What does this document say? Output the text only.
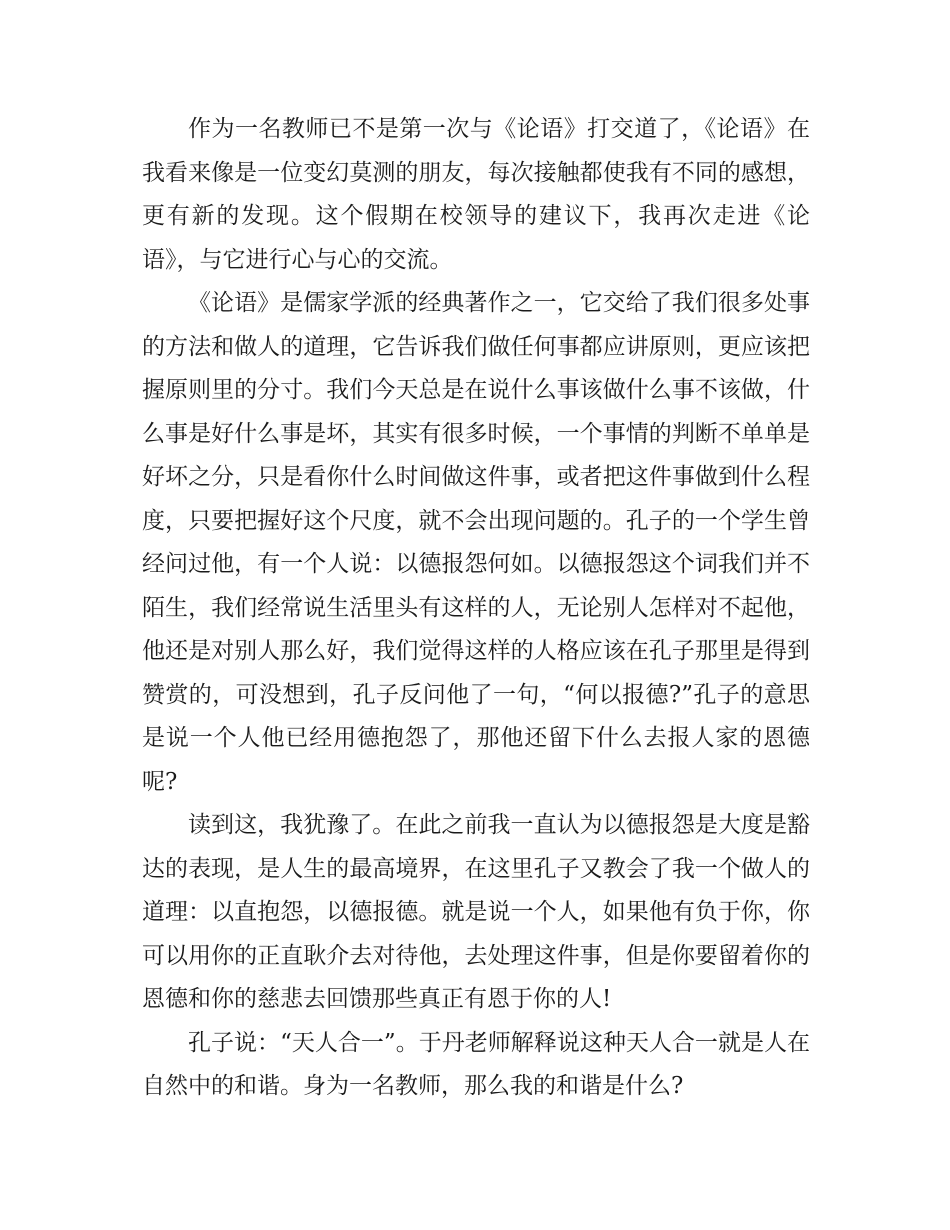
作为一名教师已不是第一次与《论语》打交道了，《论语》在我看来像是一位变幻莫测的朋友，每次接触都使我有不同的感想，更有新的发现。这个假期在校领导的建议下，我再次走进《论语》，与它进行心与心的交流。

《论语》是儒家学派的经典著作之一，它交给了我们很多处事的方法和做人的道理，它告诉我们做任何事都应讲原则，更应该把握原则里的分寸。我们今天总是在说什么事该做什么事不该做，什么事是好什么事是坏，其实有很多时候，一个事情的判断不单单是好坏之分，只是看你什么时间做这件事，或者把这件事做到什么程度，只要把握好这个尺度，就不会出现问题的。孔子的一个学生曾经问过他，有一个人说：以德报怨何如。以德报怨这个词我们并不陌生，我们经常说生活里头有这样的人，无论别人怎样对不起他，他还是对别人那么好，我们觉得这样的人格应该在孔子那里是得到赞赏的，可没想到，孔子反问他了一句，“何以报德?”孔子的意思是说一个人他已经用德抱怨了，那他还留下什么去报人家的恩德呢?

读到这，我犹豫了。在此之前我一直认为以德报怨是大度是豁达的表现，是人生的最高境界，在这里孔子又教会了我一个做人的道理：以直抱怨，以德报德。就是说一个人，如果他有负于你，你可以用你的正直耿介去对待他，去处理这件事，但是你要留着你的恩德和你的慈悲去回馈那些真正有恩于你的人!

孔子说：“天人合一”。于丹老师解释说这种天人合一就是人在自然中的和谐。身为一名教师，那么我的和谐是什么?
